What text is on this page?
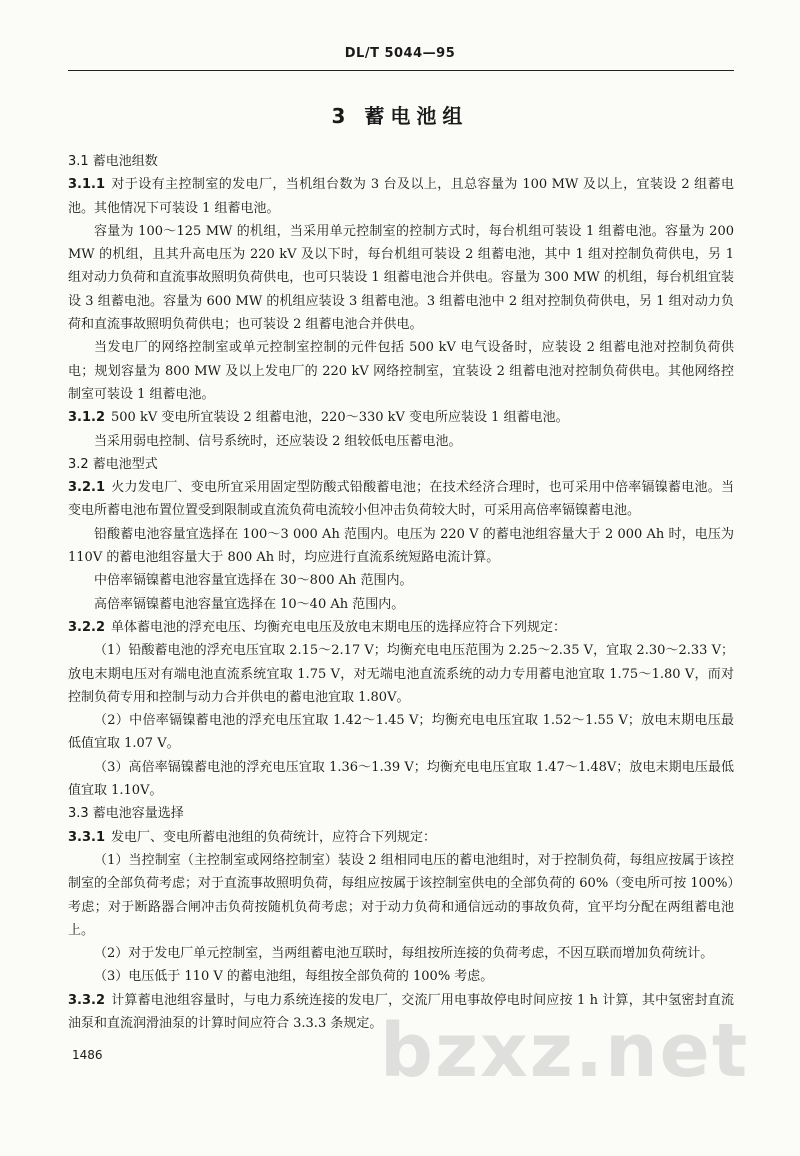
DL/T 5044—95
3 蓄电池组

3.1 蓄电池组数

3.1.1 对于设有主控制室的发电厂，当机组台数为 3 台及以上，且总容量为 100 MW 及以上，宜装设 2 组蓄电池。其他情况下可装设 1 组蓄电池。

容量为 100～125 MW 的机组，当采用单元控制室的控制方式时，每台机组可装设 1 组蓄电池。容量为 200 MW 的机组，且其升高电压为 220 kV 及以下时，每台机组可装设 2 组蓄电池，其中 1 组对控制负荷供电，另 1 组对动力负荷和直流事故照明负荷供电，也可只装设 1 组蓄电池合并供电。容量为 300 MW 的机组，每台机组宜装设 3 组蓄电池。容量为 600 MW 的机组应装设 3 组蓄电池。3 组蓄电池中 2 组对控制负荷供电，另 1 组对动力负荷和直流事故照明负荷供电；也可装设 2 组蓄电池合并供电。

当发电厂的网络控制室或单元控制室控制的元件包括 500 kV 电气设备时，应装设 2 组蓄电池对控制负荷供电；规划容量为 800 MW 及以上发电厂的 220 kV 网络控制室，宜装设 2 组蓄电池对控制负荷供电。其他网络控制室可装设 1 组蓄电池。

3.1.2 500 kV 变电所宜装设 2 组蓄电池，220～330 kV 变电所应装设 1 组蓄电池。

当采用弱电控制、信号系统时，还应装设 2 组较低电压蓄电池。

3.2 蓄电池型式

3.2.1 火力发电厂、变电所宜采用固定型防酸式铅酸蓄电池；在技术经济合理时，也可采用中倍率镉镍蓄电池。当变电所蓄电池布置位置受到限制或直流负荷电流较小但冲击负荷较大时，可采用高倍率镉镍蓄电池。

铅酸蓄电池容量宜选择在 100～3 000 Ah 范围内。电压为 220 V 的蓄电池组容量大于 2 000 Ah 时，电压为 110V 的蓄电池组容量大于 800 Ah 时，均应进行直流系统短路电流计算。

中倍率镉镍蓄电池容量宜选择在 30～800 Ah 范围内。

高倍率镉镍蓄电池容量宜选择在 10～40 Ah 范围内。

3.2.2 单体蓄电池的浮充电压、均衡充电电压及放电末期电压的选择应符合下列规定：

（1）铅酸蓄电池的浮充电压宜取 2.15～2.17 V；均衡充电电压范围为 2.25～2.35 V，宜取 2.30～2.33 V；放电末期电压对有端电池直流系统宜取 1.75 V，对无端电池直流系统的动力专用蓄电池宜取 1.75～1.80 V，而对控制负荷专用和控制与动力合并供电的蓄电池宜取 1.80V。

（2）中倍率镉镍蓄电池的浮充电压宜取 1.42～1.45 V；均衡充电电压宜取 1.52～1.55 V；放电末期电压最低值宜取 1.07 V。

（3）高倍率镉镍蓄电池的浮充电压宜取 1.36～1.39 V；均衡充电电压宜取 1.47～1.48V；放电末期电压最低值宜取 1.10V。

3.3 蓄电池容量选择

3.3.1 发电厂、变电所蓄电池组的负荷统计，应符合下列规定：

（1）当控制室（主控制室或网络控制室）装设 2 组相同电压的蓄电池组时，对于控制负荷，每组应按属于该控制室的全部负荷考虑；对于直流事故照明负荷，每组应按属于该控制室供电的全部负荷的 60%（变电所可按 100%）考虑；对于断路器合闸冲击负荷按随机负荷考虑；对于动力负荷和通信远动的事故负荷，宜平均分配在两组蓄电池上。

（2）对于发电厂单元控制室，当两组蓄电池互联时，每组按所连接的负荷考虑，不因互联而增加负荷统计。

（3）电压低于 110 V 的蓄电池组，每组按全部负荷的 100% 考虑。

3.3.2 计算蓄电池组容量时，与电力系统连接的发电厂，交流厂用电事故停电时间应按 1 h 计算，其中氢密封直流油泵和直流润滑油泵的计算时间应符合 3.3.3 条规定。

1486	bzxz.net
